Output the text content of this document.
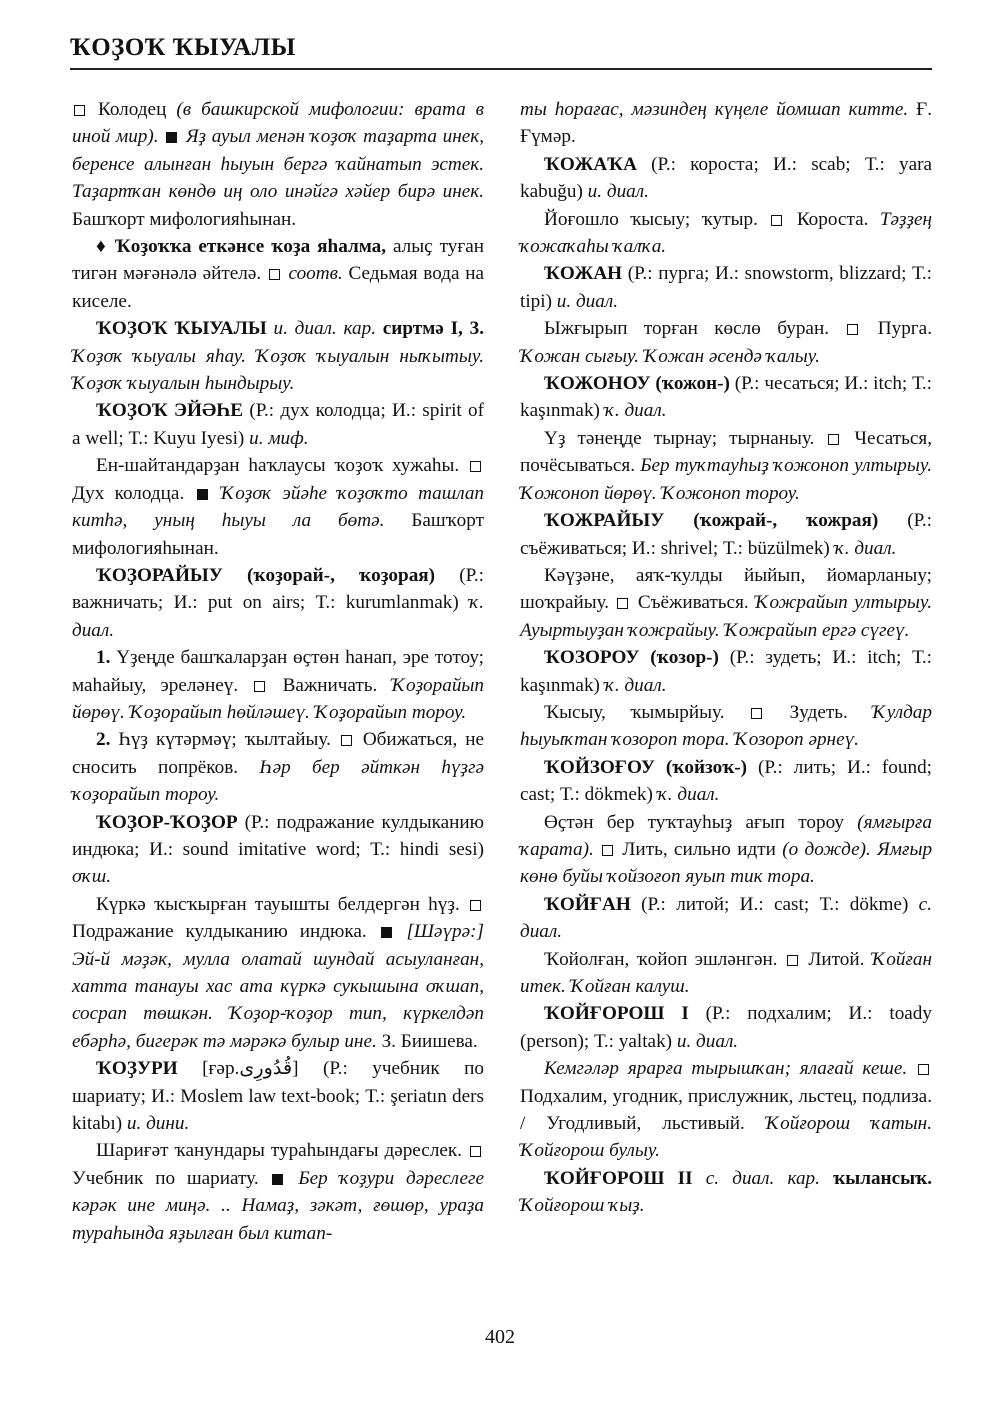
ҠОҘОҠ ҠЫУАЛЫ

Колодец (в башкирской мифологии: врата в иной мир). Яҙ ауыл менән ҡоҙоҡ таҙарта инек, беренсе алынған һыуын бергә ҡайнатып эстек. Таҙартҡан көндө иң оло инәйгә хәйер бирә инек. Башҡорт мифологияһынан.

♦ Ҡоҙоҡҡа еткәнсе ҡоҙа яһалма, алыҫ туған тигән мәғәнәлә әйтелә. соотв. Седьмая вода на киселе.

ҠОҘОҠ ҠЫУАЛЫ и. диал. кар. сиртмә I, 3. Ҡоҙоҡ ҡыуалы яһау. Ҡоҙоҡ ҡыуалын ныҡытыу. Ҡоҙоҡ ҡыуалын һындырыу.

ҠОҘОҠ ЭЙӘҺЕ (Р.: дух колодца; И.: spirit of a well; Т.: Kuyu Iyesi) и. миф.

Ен-шайтандарҙан һаҡлаусы ҡоҙоҡ хужаһы.  Дух колодца. Ҡоҙоҡ эйәһе ҡоҙоҡто ташлап китһә, уның һыуы ла бөтә. Башҡорт мифологияһынан.

ҠОҘОРАЙЫУ (ҡоҙорай-, ҡоҙорая) (Р.: важничать; И.: put on airs; Т.: kurumlanmak) ҡ. диал.

1. Үҙеңде башҡаларҙан өҫтөн һанап, эре тотоу; маһайыу, эреләнеү. Важничать. Ҡоҙорайып йөрөү. Ҡоҙорайып һөйләшеү. Ҡоҙорайып тороу.

2. Һүҙ күтәрмәү; ҡылтайыу. Обижаться, не сносить попрёков. Һәр бер әйткән һүҙгә ҡоҙорайып тороу.

ҠОҘОР-ҠОҘОР (Р.: подражание кулдыканию индюка; И.: sound imitative word; Т.: hindi sesi) оҡш.

Күркә ҡысҡырған тауышты белдергән һүҙ.  Подражание кулдыканию индюка. [Шәүрә:] Эй-й мәҙәк, мулла олатай шундай асыуланған, хатта танауы хас ата күркә сукышына оҡшап, сосрап төшкән. Ҡоҙор-ҡоҙор тип, күркелдәп ебәрһә, бигерәк тә мәрәкә булыр ине. З. Биишева.

ҠОҘУРИ [ғәр.قُدُورِى] (Р.: учебник по шариату; И.: Moslem law text-book; Т.: şeriatın ders kitabı) и. дини.

Шариғәт ҡанундары тураһындағы дәреслек.  Учебник по шариату. Бер ҡоҙури дәреслеге кәрәк ине миңә. .. Намаҙ, зәкәт, ғөшөр, ураҙа тураһында яҙылған был китап-

ты һорағас, мәзиндең күңеле йомшап китте. Ғ. Ғүмәр.

ҠОЖАҠА (Р.: короста; И.: scab; Т.: yara kabuğu) и. диал.

Йоғошло ҡысыу; ҡутыр. Короста. Тәҙҙең ҡожаҡаһы ҡалҡа.

ҠОЖАН (Р.: пурга; И.: snowstorm, blizzard; Т.: tipi) и. диал.

Ыжғырып торған көслө буран.	Пурга. Ҡожан сығыу. Ҡожан әсендә ҡалыу.

ҠОЖОНОУ (ҡожон-) (Р.: чесаться; И.: itch; Т.: kaşınmak) ҡ. диал.

Үҙ тәнеңде тырнау; тырнаныу. Чесаться, почёсываться. Бер туҡтауһыҙ ҡожоноп ултырыу. Ҡожоноп йөрөү. Ҡожоноп тороу.

ҠОЖРАЙЫУ (ҡожрай-, ҡожрая) (Р.: съёживаться; И.: shrivel; Т.: büzülmek) ҡ. диал.

Кәүҙәне, аяҡ-ҡулды йыйып, йомарланыу; шоҡрайыу. Съёживаться. Ҡожрайып ултырыу. Ауыртыуҙан ҡожрайыу. Ҡожрайып ергә сүгеү.

ҠОЗОРОУ (ҡозор-) (Р.: зудеть; И.: itch; Т.: kaşınmak) ҡ. диал.

Ҡысыу, ҡымырйыу.	Зудеть. Ҡулдар һыуыҡтан ҡозороп тора. Ҡозороп әрнеү.

ҠОЙЗОҒОУ (ҡойзоҡ-) (Р.: лить; И.: found; cast; Т.: dökmek) ҡ. диал.

Өҫтән бер туҡтауһыҙ ағып тороу (ямғырға ҡарата). Лить, сильно идти (о дожде). Ямғыр көнө буйы ҡойзоғоп яуып тик тора.

ҠОЙҒАН (Р.: литой; И.: cast; Т.: dökme) с. диал.

Ҡойолған, ҡойоп эшләнгән. Литой. Ҡойған итек. Ҡойған калуш.

ҠОЙҒОРОШ I (Р.: подхалим; И.: toady (person); Т.: yaltak) и. диал.

Кемгәләр ярарға тырышҡан; ялағай кеше.  Подхалим, угодник, прислужник, льстец, подлиза. / Угодливый, льстивый. Ҡойғорош ҡатын. Ҡойғорош булыу.

ҠОЙҒОРОШ II с. диал. кар. ҡылансыҡ. Ҡойғорош ҡыҙ.

402
